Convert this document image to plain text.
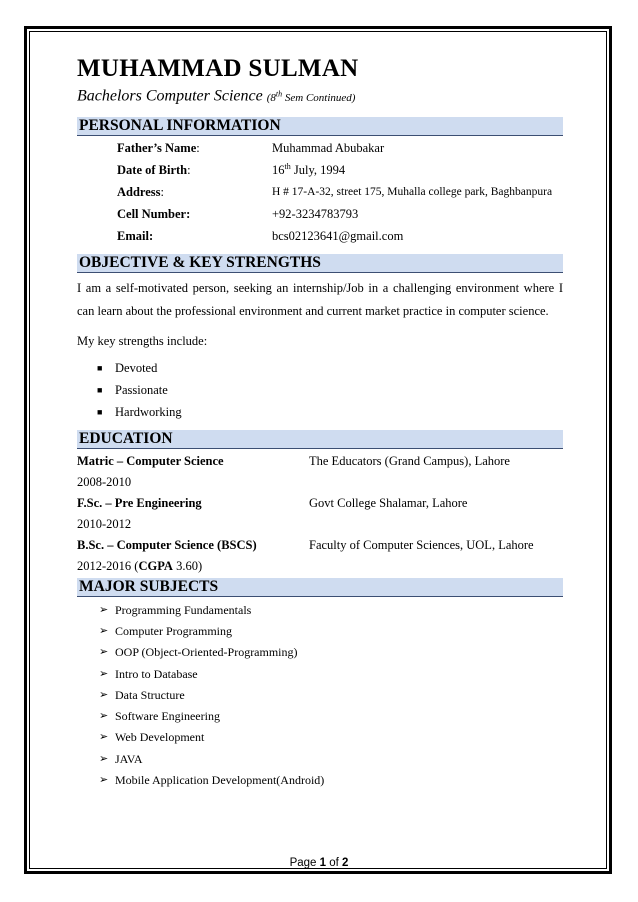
MUHAMMAD SULMAN

Bachelors Computer Science (8th Sem Continued)

PERSONAL INFORMATION
Father’s Name:	Muhammad Abubakar
Date of Birth:	16th July, 1994
Address:	H # 17-A-32, street 175, Muhalla college park, Baghbanpura
Cell Number:	+92-3234783793
Email:	bcs02123641@gmail.com
OBJECTIVE & KEY STRENGTHS

I am a self-motivated person, seeking an internship/Job in a challenging environment where I can learn about the professional environment and current market practice in computer science.

My key strengths include:

■	Devoted
■	Passionate
■	Hardworking
EDUCATION
Matric – Computer Science	The Educators (Grand Campus), Lahore
2008-2010
F.Sc. – Pre Engineering	Govt College Shalamar, Lahore
2010-2012
B.Sc. – Computer Science (BSCS)	Faculty of Computer Sciences, UOL, Lahore
2012-2016 (CGPA 3.60)
MAJOR SUBJECTS
➢ Programming Fundamentals
➢ Computer Programming
➢ OOP (Object-Oriented-Programming)
➢ Intro to Database
➢ Data Structure
➢ Software Engineering
➢ Web Development
➢ JAVA
➢ Mobile Application Development(Android)
Page 1 of 2
